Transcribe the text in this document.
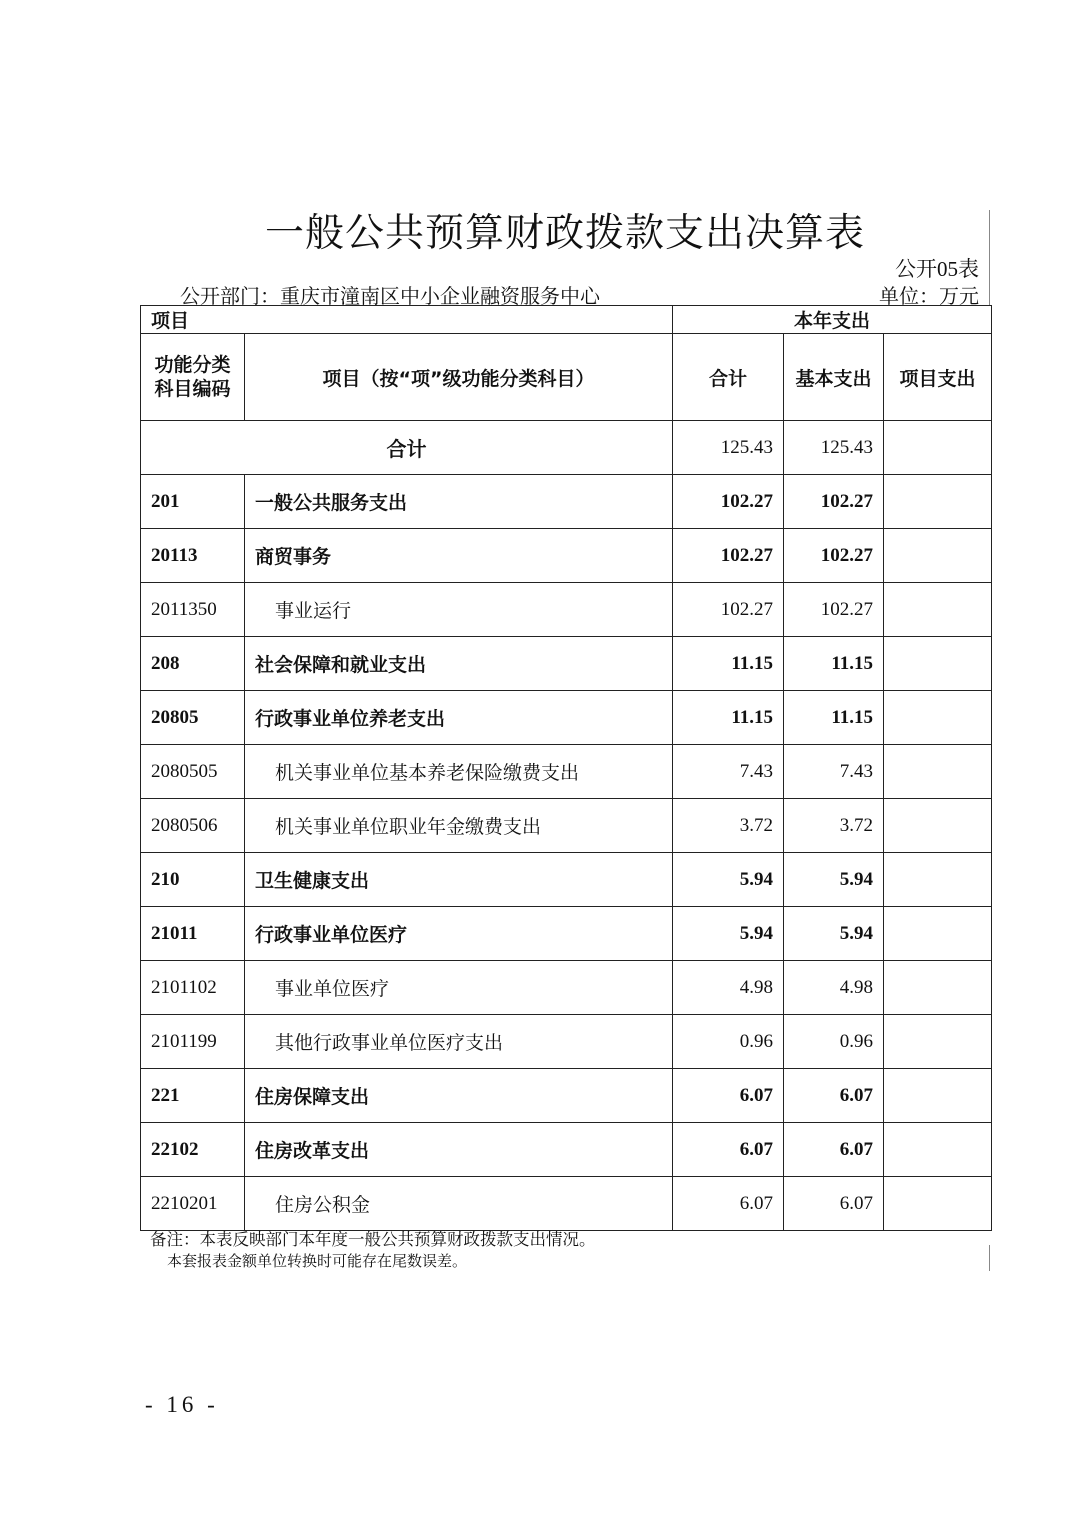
一般公共预算财政拨款支出决算表
公开05表
公开部门：重庆市潼南区中小企业融资服务中心	单位：万元
项目		本年支出		
功能分类科目编码	项目（按“项”级功能分类科目）	合计	基本支出	项目支出
合计		125.43	125.43	
201	一般公共服务支出	102.27	102.27	
20113	商贸事务	102.27	102.27	
2011350	事业运行	102.27	102.27	
208	社会保障和就业支出	11.15	11.15	
20805	行政事业单位养老支出	11.15	11.15	
2080505	机关事业单位基本养老保险缴费支出	7.43	7.43	
2080506	机关事业单位职业年金缴费支出	3.72	3.72	
210	卫生健康支出	5.94	5.94	
21011	行政事业单位医疗	5.94	5.94	
2101102	事业单位医疗	4.98	4.98	
2101199	其他行政事业单位医疗支出	0.96	0.96	
221	住房保障支出	6.07	6.07	
22102	住房改革支出	6.07	6.07	
2210201	住房公积金	6.07	6.07	
备注：本表反映部门本年度一般公共预算财政拨款支出情况。
本套报表金额单位转换时可能存在尾数误差。
- 16 -
